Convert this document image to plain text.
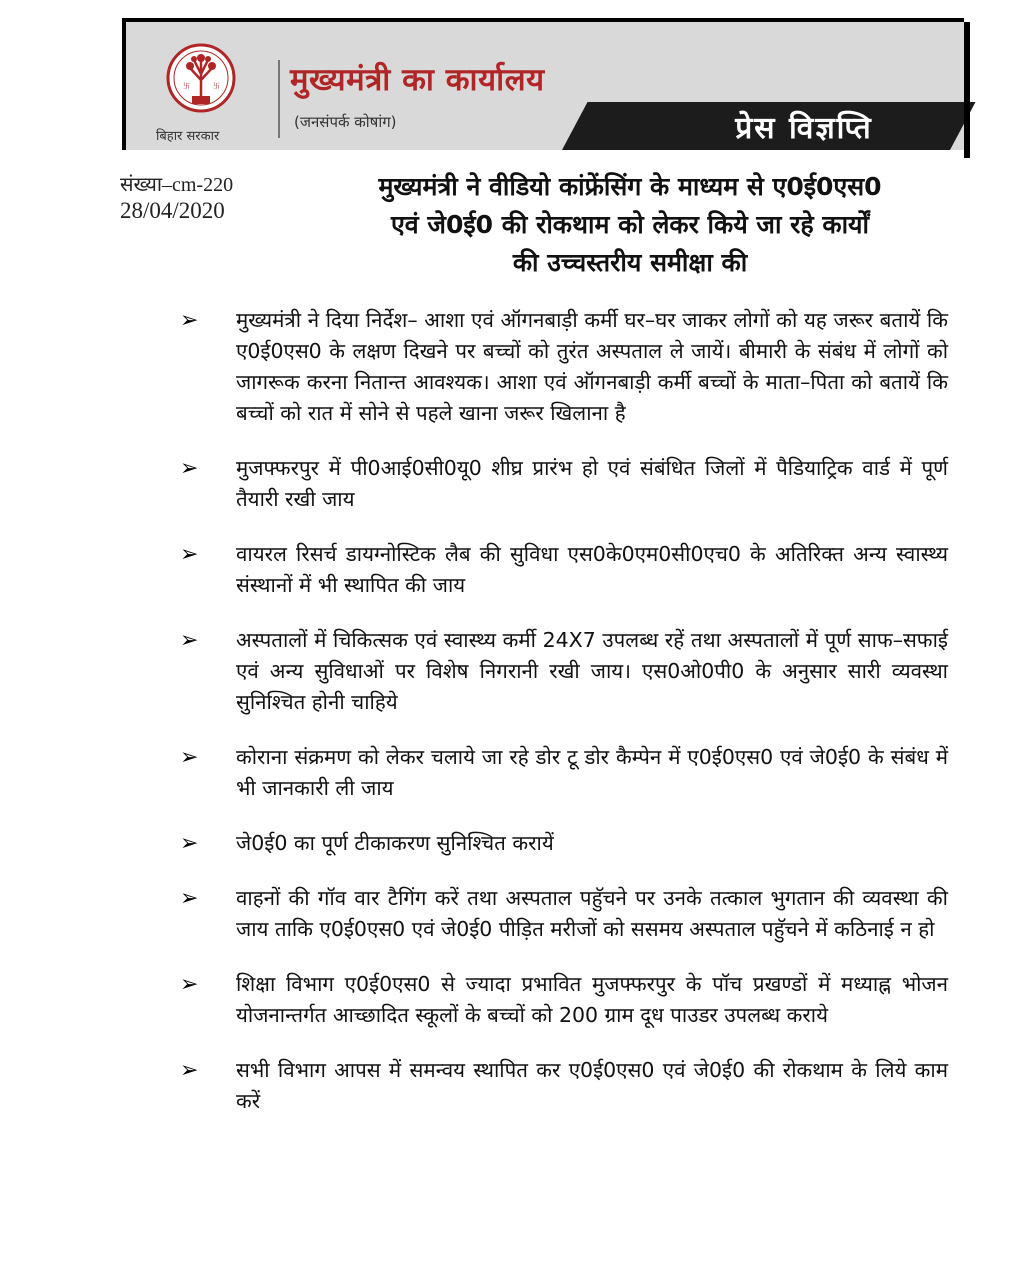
卐	卐
बिहार सरकार
मुख्यमंत्री का कार्यालय
(जनसंपर्क कोषांग)	प्रेस विज्ञप्ति
संख्या–cm-220
28/04/2020
मुख्यमंत्री ने वीडियो कांफ्रेंसिंग के माध्यम से ए0ई0एस0
एवं जे0ई0 की रोकथाम को लेकर किये जा रहे कार्यों
की उच्चस्तरीय समीक्षा की
➢	मुख्यमंत्री ने दिया निर्देश– आशा एवं ऑगनबाड़ी कर्मी घर–घर जाकर लोगों को यह जरूर बतायें कि ए0ई0एस0 के लक्षण दिखने पर बच्चों को तुरंत अस्पताल ले जायें। बीमारी के संबंध में लोगों को जागरूक करना नितान्त आवश्यक। आशा एवं ऑगनबाड़ी कर्मी बच्चों के माता–पिता को बतायें कि बच्चों को रात में सोने से पहले खाना जरूर खिलाना है
➢	मुजफ्फरपुर में पी0आई0सी0यू0 शीघ्र प्रारंभ हो एवं संबंधित जिलों में पैडियाट्रिक वार्ड में पूर्ण तैयारी रखी जाय
➢	वायरल रिसर्च डायग्नोस्टिक लैब की सुविधा एस0के0एम0सी0एच0 के अतिरिक्त अन्य स्वास्थ्य संस्थानों में भी स्थापित की जाय
➢	अस्पतालों में चिकित्सक एवं स्वास्थ्य कर्मी 24X7 उपलब्ध रहें तथा अस्पतालों में पूर्ण साफ–सफाई एवं अन्य सुविधाओं पर विशेष निगरानी रखी जाय। एस0ओ0पी0 के अनुसार सारी व्यवस्था सुनिश्चित होनी चाहिये
➢	कोराना संक्रमण को लेकर चलाये जा रहे डोर टू डोर कैम्पेन में ए0ई0एस0 एवं जे0ई0 के संबंध में भी जानकारी ली जाय
➢	जे0ई0 का पूर्ण टीकाकरण सुनिश्चित करायें
➢	वाहनों की गॉव वार टैगिंग करें तथा अस्पताल पहुॅचने पर उनके तत्काल भुगतान की व्यवस्था की जाय ताकि ए0ई0एस0 एवं जे0ई0 पीड़ित मरीजों को ससमय अस्पताल पहुॅचने में कठिनाई न हो
➢	शिक्षा विभाग ए0ई0एस0 से ज्यादा प्रभावित मुजफ्फरपुर के पॉच प्रखण्डों में मध्याह्न भोजन योजनान्तर्गत आच्छादित स्कूलों के बच्चों को 200 ग्राम दूध पाउडर उपलब्ध कराये
➢	सभी विभाग आपस में समन्वय स्थापित कर ए0ई0एस0 एवं जे0ई0 की रोकथाम के लिये काम करें
